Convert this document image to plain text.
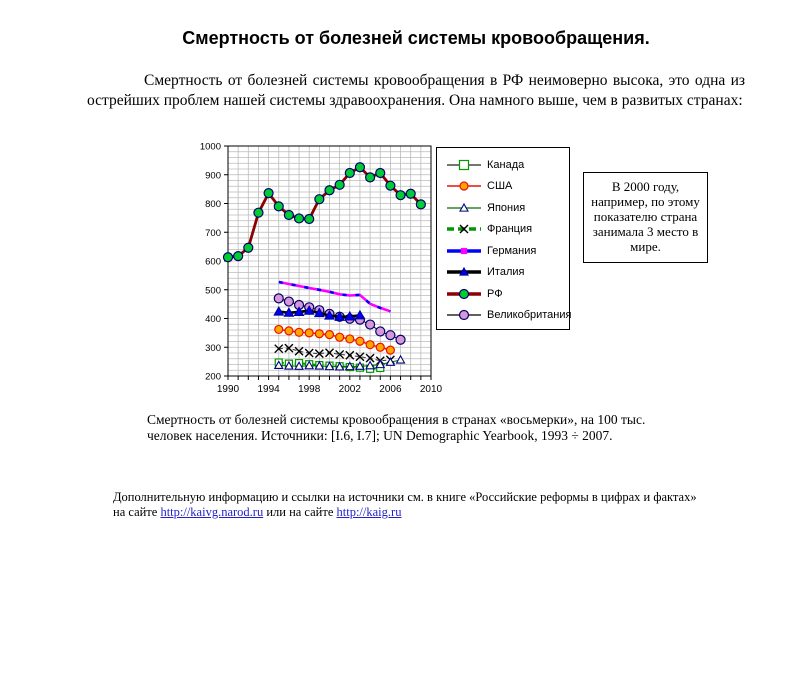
Смертность от болезней системы кровообращения.
Смертность от болезней системы кровообращения в РФ неимоверно высока, это одна из острейших проблем нашей системы здравоохранения. Она намного выше, чем в развитых странах:
200
300
400
500
600
700
800
900
1000
1990 1994 1998 2002 2006 2010
Канада
США
Япония
Франция
Германия
Италия
РФ
Великобритания
В 2000 году, например, по этому показателю страна занимала 3 место в мире.
Смертность от болезней системы кровообращения в странах «восьмерки», на 100 тыс. человек населения. Источники: [I.6, I.7]; UN Demographic Yearbook, 1993 ÷ 2007.
Дополнительную информацию и ссылки на источники см. в книге «Российские реформы в цифрах и фактах» на сайте http://kaivg.narod.ru или на сайте http://kaig.ru
